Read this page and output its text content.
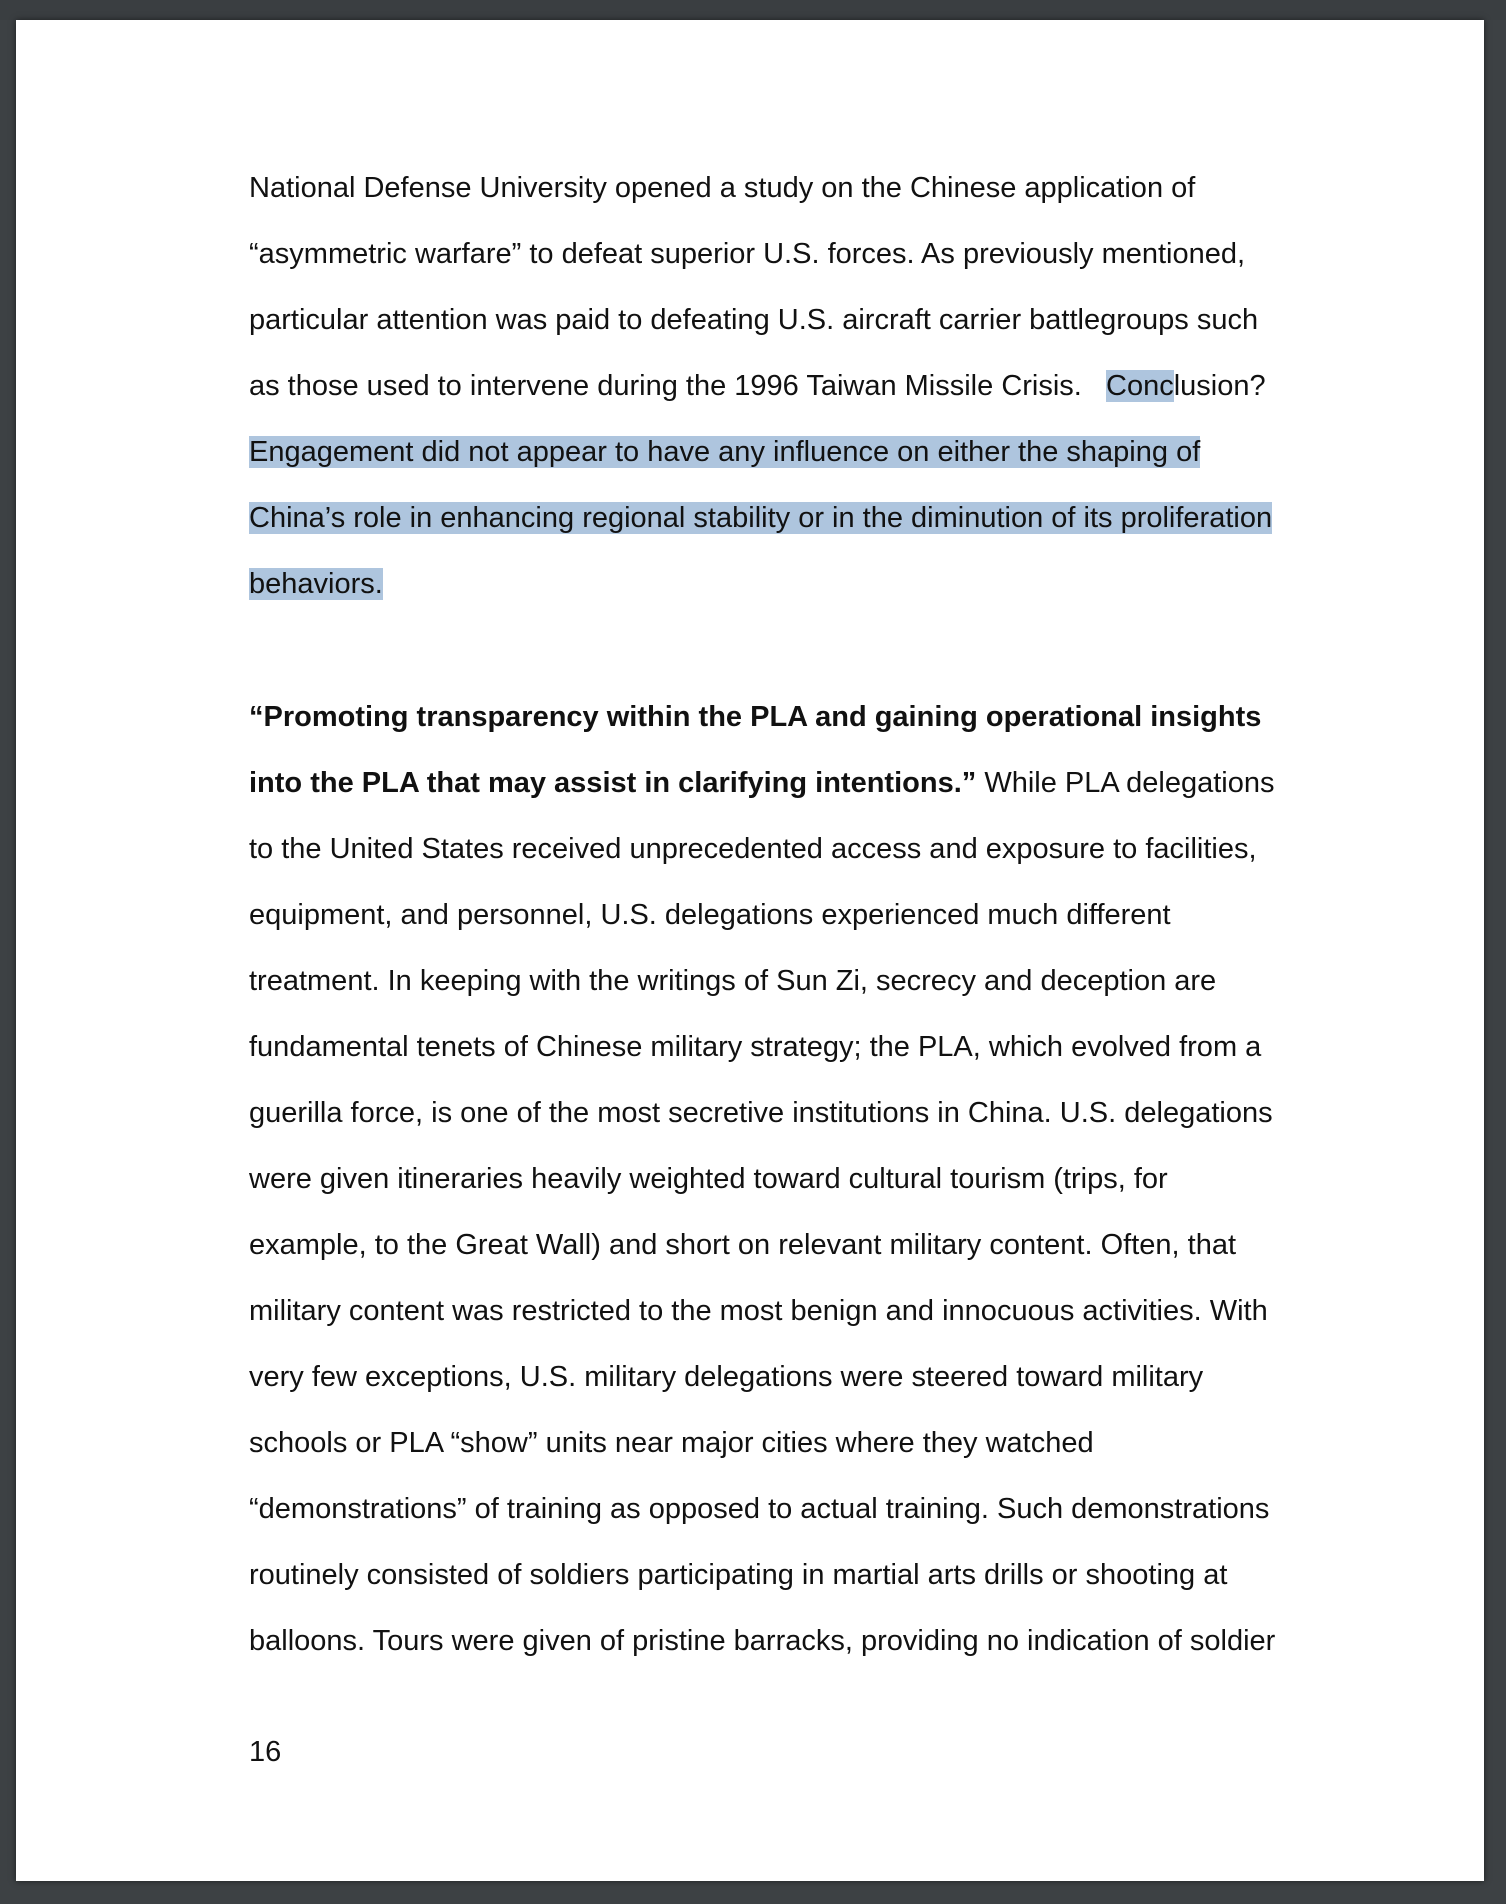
National Defense University opened a study on the Chinese application of
“asymmetric warfare” to defeat superior U.S. forces. As previously mentioned,
particular attention was paid to defeating U.S. aircraft carrier battlegroups such
as those used to intervene during the 1996 Taiwan Missile Crisis. Conclusion?
Engagement did not appear to have any influence on either the shaping of
China’s role in enhancing regional stability or in the diminution of its proliferation
behaviors.
“Promoting transparency within the PLA and gaining operational insights
into the PLA that may assist in clarifying intentions.” While PLA delegations
to the United States received unprecedented access and exposure to facilities,
equipment, and personnel, U.S. delegations experienced much different
treatment. In keeping with the writings of Sun Zi, secrecy and deception are
fundamental tenets of Chinese military strategy; the PLA, which evolved from a
guerilla force, is one of the most secretive institutions in China. U.S. delegations
were given itineraries heavily weighted toward cultural tourism (trips, for
example, to the Great Wall) and short on relevant military content. Often, that
military content was restricted to the most benign and innocuous activities. With
very few exceptions, U.S. military delegations were steered toward military
schools or PLA “show” units near major cities where they watched
“demonstrations” of training as opposed to actual training. Such demonstrations
routinely consisted of soldiers participating in martial arts drills or shooting at
balloons. Tours were given of pristine barracks, providing no indication of soldier
16
